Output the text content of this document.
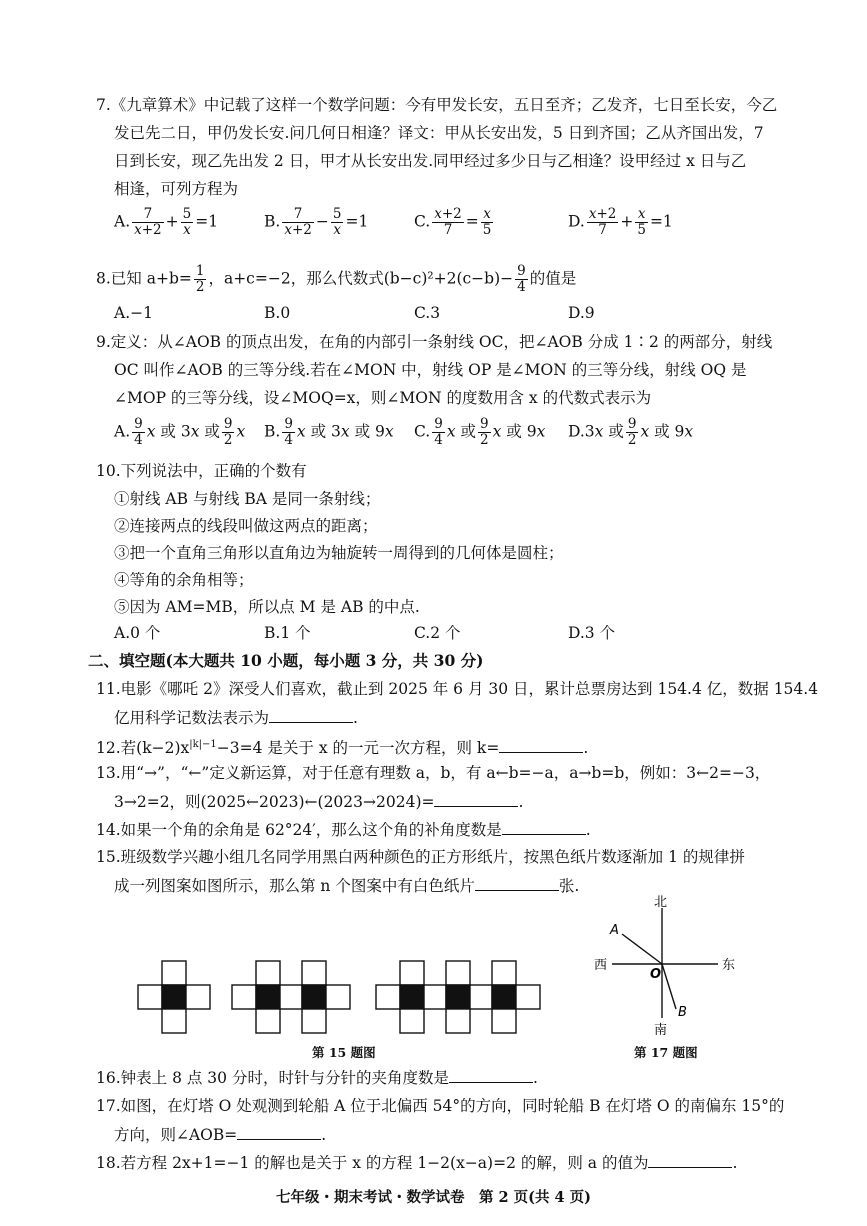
7.《九章算术》中记载了这样一个数学问题：今有甲发长安，五日至齐；乙发齐，七日至长安，今乙
发已先二日，甲仍发长安.问几何日相逢？译文：甲从长安出发，5 日到齐国；乙从齐国出发，7
日到长安，现乙先出发 2 日，甲才从长安出发.同甲经过多少日与乙相逢？设甲经过 x 日与乙
相逢，可列方程为
A. $\frac{7}{x+2} + \frac{5}{x} =1$	B. $\frac{7}{x+2} - \frac{5}{x} =1$	C. $\frac{x+2}{7} = \frac{x}{5}$	D. $\frac{x+2}{7} + \frac{x}{5} =1$
8.已知 $a+b= \frac{1}{2}$ ，a+c=−2，那么代数式$(b-c)^2+2(c-b)- \frac{9}{4}$ 的值是
A.−1	B.0	C.3	D.9
9.定义：从∠AOB 的顶点出发，在角的内部引一条射线 OC，把∠AOB 分成 1∶2 的两部分，射线
OC 叫作∠AOB 的三等分线.若在∠MON 中，射线 OP 是∠MON 的三等分线，射线 OQ 是
∠MOP 的三等分线，设∠MOQ=x，则∠MON 的度数用含 x 的代数式表示为
A. $\frac{9}{4}$ x 或 3x 或 $\frac{9}{2}$ x B. $\frac{9}{4}$ x 或 3x 或 9x C. $\frac{9}{4}$ x 或 $\frac{9}{2}$ x 或 9x D.3x 或 $\frac{9}{2}$ x 或 9x
10.下列说法中，正确的个数有
①射线 AB 与射线 BA 是同一条射线；
②连接两点的线段叫做这两点的距离；
③把一个直角三角形以直角边为轴旋转一周得到的几何体是圆柱；
④等角的余角相等；
⑤因为 AM=MB，所以点 M 是 AB 的中点.
A.0 个	B.1 个	C.2 个	D.3 个
二、填空题(本大题共 10 小题，每小题 3 分，共 30 分)
11.电影《哪吒 2》深受人们喜欢，截止到 2025 年 6 月 30 日，累计总票房达到 154.4 亿，数据 154.4
亿用科学记数法表示为	.
12.若$(k-2)x^{|k|-1}-3=4$ 是关于 x 的一元一次方程，则 k=	.
13.用“→”，“←”定义新运算，对于任意有理数 a，b，有 a←b=−a，a→b=b，例如：3←2=−3，
3→2=2，则(2025←2023)←(2023→2024)=	.
14.如果一个角的余角是 62°24′，那么这个角的补角度数是	.
15.班级数学兴趣小组几名同学用黑白两种颜色的正方形纸片，按黑色纸片数逐渐加 1 的规律拼
成一列图案如图所示，那么第 n 个图案中有白色纸片	张.
第 15 题图
北
南
西	东
A
B
O
第 17 题图
16.钟表上 8 点 30 分时，时针与分针的夹角度数是	.
17.如图，在灯塔 O 处观测到轮船 A 位于北偏西 54°的方向，同时轮船 B 在灯塔 O 的南偏东 15°的
方向，则∠AOB=	.
18.若方程 2x+1=−1 的解也是关于 x 的方程 1−2(x−a)=2 的解，则 a 的值为	.
七年级・期末考试・数学试卷　第 2 页(共 4 页)
